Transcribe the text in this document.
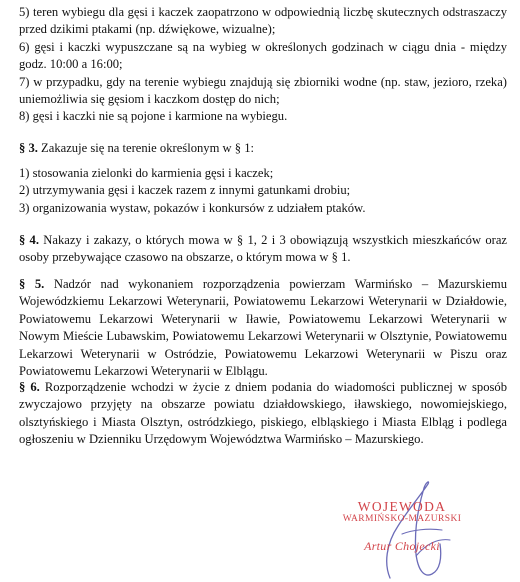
5) teren wybiegu dla gęsi i kaczek zaopatrzono w odpowiednią liczbę skutecznych odstraszaczy przed dzikimi ptakami (np. dźwiękowe, wizualne);

6) gęsi i kaczki wypuszczane są na wybieg w określonych godzinach w ciągu dnia - między godz. 10:00 a 16:00;

7) w przypadku, gdy na terenie wybiegu znajdują się zbiorniki wodne (np. staw, jezioro, rzeka) uniemożliwia się gęsiom i kaczkom dostęp do nich;

8) gęsi i kaczki nie są pojone i karmione na wybiegu.

§ 3. Zakazuje się na terenie określonym w § 1:

1) stosowania zielonki do karmienia gęsi i kaczek;

2) utrzymywania gęsi i kaczek razem z innymi gatunkami drobiu;

3) organizowania wystaw, pokazów i konkursów z udziałem ptaków.

§ 4. Nakazy i zakazy, o których mowa w § 1, 2 i 3 obowiązują wszystkich mieszkańców oraz osoby przebywające czasowo na obszarze, o którym mowa w § 1.

§ 5. Nadzór nad wykonaniem rozporządzenia powierzam Warmińsko – Mazurskiemu Wojewódzkiemu Lekarzowi Weterynarii, Powiatowemu Lekarzowi Weterynarii w Działdowie, Powiatowemu Lekarzowi Weterynarii w Iławie, Powiatowemu Lekarzowi Weterynarii w Nowym Mieście Lubawskim, Powiatowemu Lekarzowi Weterynarii w Olsztynie, Powiatowemu Lekarzowi Weterynarii w Ostródzie, Powiatowemu Lekarzowi Weterynarii w Piszu oraz Powiatowemu Lekarzowi Weterynarii w Elblągu.

§ 6. Rozporządzenie wchodzi w życie z dniem podania do wiadomości publicznej w sposób zwyczajowo przyjęty na obszarze powiatu działdowskiego, iławskiego, nowomiejskiego, olsztyńskiego i Miasta Olsztyn, ostródzkiego, piskiego, elbląskiego i Miasta Elbląg i podlega ogłoszeniu w Dzienniku Urzędowym Województwa Warmińsko – Mazurskiego.

WOJEWODA
WARMIŃSKO-MAZURSKI
Artur Chojecki
